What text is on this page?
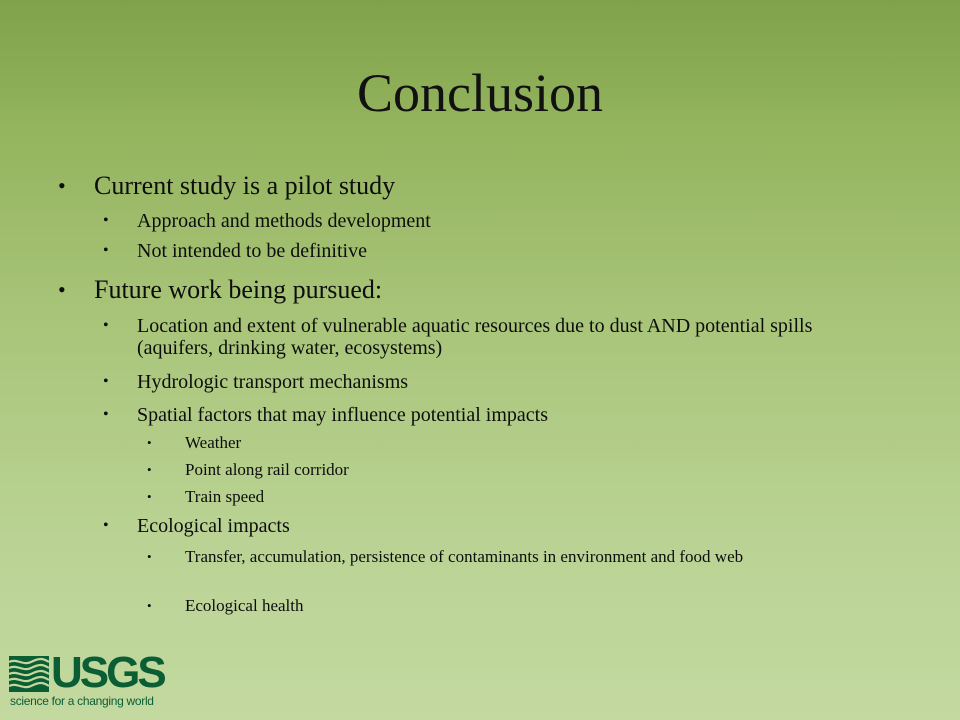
Conclusion

• Current study is a pilot study

• Approach and methods development

• Not intended to be definitive

• Future work being pursued:

• Location and extent of vulnerable aquatic resources due to dust AND potential spills (aquifers, drinking water, ecosystems)

• Hydrologic transport mechanisms

• Spatial factors that may influence potential impacts

• Weather

• Point along rail corridor

• Train speed

• Ecological impacts

• Transfer, accumulation, persistence of contaminants in environment and food web

• Ecological health

USGS
science for a changing world
